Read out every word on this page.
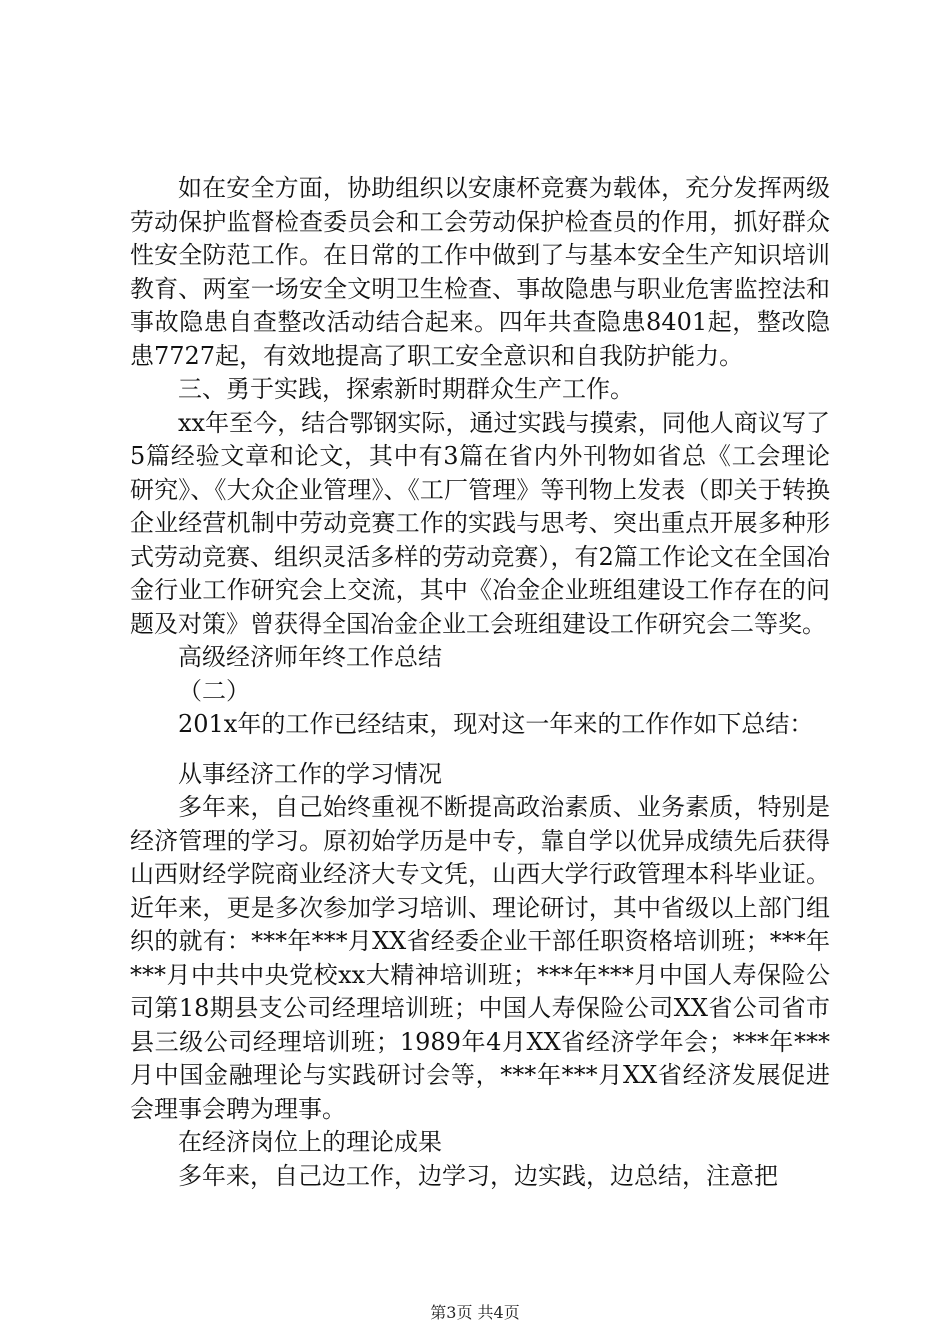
如在安全方面，协助组织以安康杯竞赛为载体，充分发挥两级劳动保护监督检查委员会和工会劳动保护检查员的作用，抓好群众性安全防范工作。在日常的工作中做到了与基本安全生产知识培训教育、两室一场安全文明卫生检查、事故隐患与职业危害监控法和事故隐患自查整改活动结合起来。四年共查隐患8401起，整改隐患7727起，有效地提高了职工安全意识和自我防护能力。

三、勇于实践，探索新时期群众生产工作。

xx年至今，结合鄂钢实际，通过实践与摸索，同他人商议写了5篇经验文章和论文，其中有3篇在省内外刊物如省总《工会理论研究》、《大众企业管理》、《工厂管理》等刊物上发表（即关于转换企业经营机制中劳动竞赛工作的实践与思考、突出重点开展多种形式劳动竞赛、组织灵活多样的劳动竞赛），有2篇工作论文在全国冶金行业工作研究会上交流，其中《冶金企业班组建设工作存在的问题及对策》曾获得全国冶金企业工会班组建设工作研究会二等奖。

高级经济师年终工作总结

（二）

201x年的工作已经结束，现对这一年来的工作作如下总结：

从事经济工作的学习情况

多年来，自己始终重视不断提高政治素质、业务素质，特别是经济管理的学习。原初始学历是中专，靠自学以优异成绩先后获得山西财经学院商业经济大专文凭，山西大学行政管理本科毕业证。近年来，更是多次参加学习培训、理论研讨，其中省级以上部门组织的就有：***年***月XX省经委企业干部任职资格培训班；***年***月中共中央党校xx大精神培训班；***年***月中国人寿保险公司第18期县支公司经理培训班；中国人寿保险公司XX省公司省市县三级公司经理培训班；1989年4月XX省经济学年会；***年***月中国金融理论与实践研讨会等，***年***月XX省经济发展促进会理事会聘为理事。

在经济岗位上的理论成果

多年来，自己边工作，边学习，边实践，边总结，注意把

第3页 共4页
